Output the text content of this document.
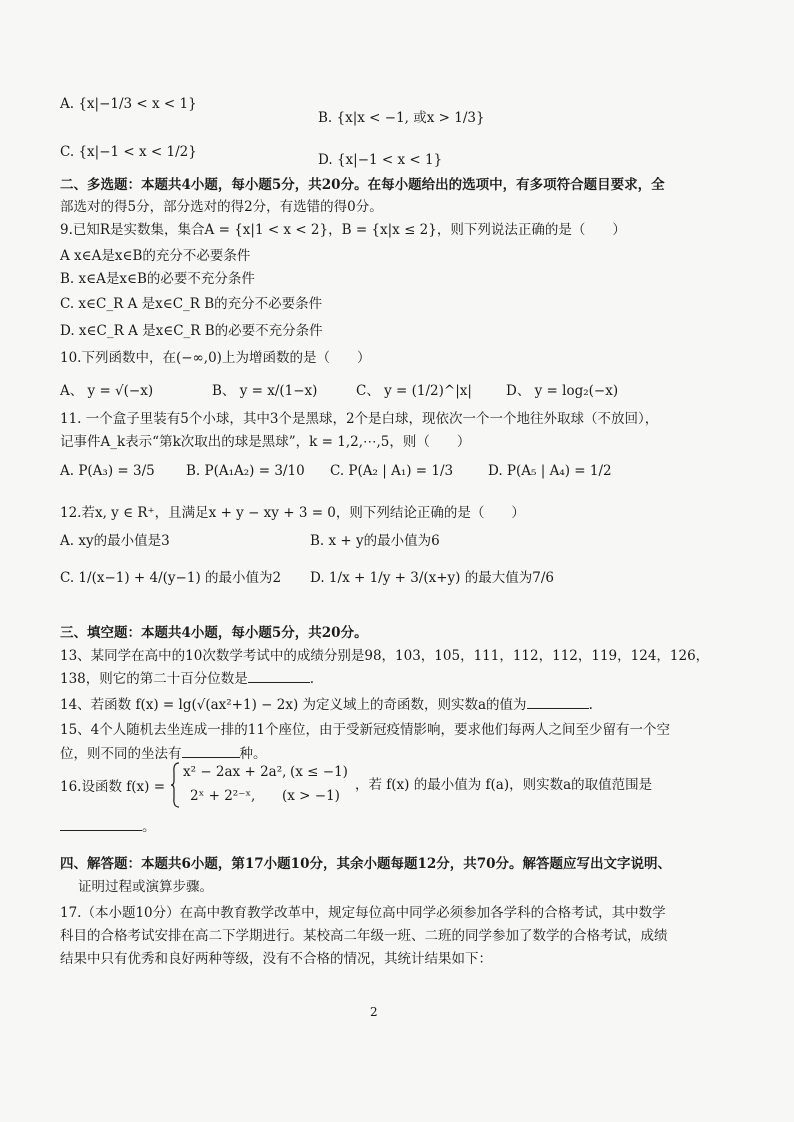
A. {x|−1/3 < x < 1}
B. {x|x < −1, 或x > 1/3}
C. {x|−1 < x < 1/2}	D. {x|−1 < x < 1}
二、多选题：本题共4小题，每小题5分，共20分。在每小题给出的选项中，有多项符合题目要求，全
部选对的得5分，部分选对的得2分，有选错的得0分。
9.已知R是实数集，集合A = {x|1 < x < 2}，B = {x|x ≤ 2}，则下列说法正确的是（　　）
A x∈A是x∈B的充分不必要条件
B. x∈A是x∈B的必要不充分条件
C. x∈C_R A 是x∈C_R B的充分不必要条件
D. x∈C_R A 是x∈C_R B的必要不充分条件
10.下列函数中，在(−∞,0)上为增函数的是（　　）
A、 y = √(−x)	B、 y = x/(1−x)	C、 y = (1/2)^|x|	D、 y = log₂(−x)
11. 一个盒子里装有5个小球，其中3个是黑球，2个是白球，现依次一个一个地往外取球（不放回），
记事件A_k表示“第k次取出的球是黑球”，k = 1,2,⋯,5，则（　　）
A. P(A₃) = 3/5 B. P(A₁A₂) = 3/10 C. P(A₂ | A₁) = 1/3	D. P(A₅ | A₄) = 1/2
12.若x, y ∈ R⁺，且满足x + y − xy + 3 = 0，则下列结论正确的是（　　）
A. xy的最小值是3	B. x + y的最小值为6
C. 1/(x−1) + 4/(y−1) 的最小值为2 D. 1/x + 1/y + 3/(x+y) 的最大值为7/6
三、填空题：本题共4小题，每小题5分，共20分。
13、某同学在高中的10次数学考试中的成绩分别是98，103，105，111，112，112，119，124，126，
138，则它的第二十百分位数是	.
14、若函数 f(x) = lg(√(ax²+1) − 2x) 为定义域上的奇函数，则实数a的值为	.
15、4个人随机去坐连成一排的11个座位，由于受新冠疫情影响，要求他们每两人之间至少留有一个空
位，则不同的坐法有	种。
16.设函数 f(x) =
x² − 2ax + 2a², (x ≤ −1)
2ˣ + 2²⁻ˣ, (x > −1)
，若 f(x) 的最小值为 f(a)，则实数a的取值范围是
。
四、解答题：本题共6小题，第17小题10分，其余小题每题12分，共70分。解答题应写出文字说明、
证明过程或演算步骤。
17.（本小题10分）在高中教育教学改革中，规定每位高中同学必须参加各学科的合格考试，其中数学
科目的合格考试安排在高二下学期进行。某校高二年级一班、二班的同学参加了数学的合格考试，成绩
结果中只有优秀和良好两种等级，没有不合格的情况，其统计结果如下：
2
